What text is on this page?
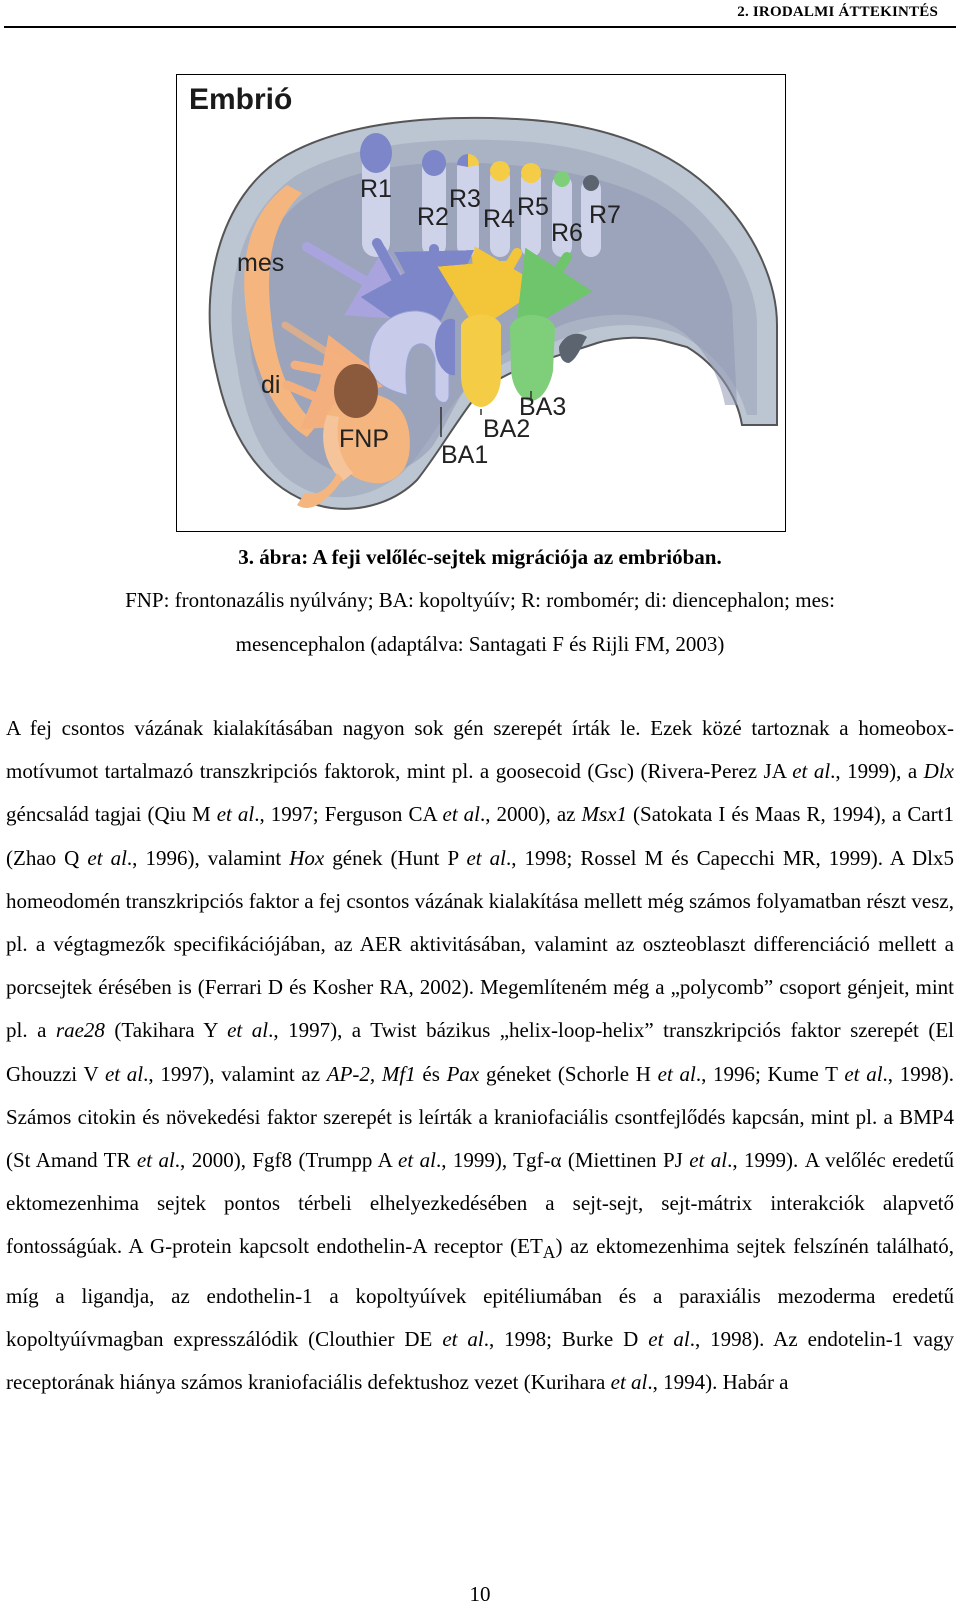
2. IRODALMI ÁTTEKINTÉS
Embrió
mes
di
FNP
R1
R2
R3
R4 R5
R6
R7
BA3
BA2
BA1
3. ábra: A feji velőléc-sejtek migrációja az embrióban.
FNP: frontonazális nyúlvány; BA: kopoltyúív; R: rombomér; di: diencephalon; mes:
mesencephalon (adaptálva: Santagati F és Rijli FM, 2003)

A fej csontos vázának kialakításában nagyon sok gén szerepét írták le. Ezek közé tartoznak a homeobox-motívumot tartalmazó transzkripciós faktorok, mint pl. a goosecoid (Gsc) (Rivera-Perez JA et al., 1999), a Dlx géncsalád tagjai (Qiu M et al., 1997; Ferguson CA et al., 2000), az Msx1 (Satokata I és Maas R, 1994), a Cart1 (Zhao Q et al., 1996), valamint Hox gének (Hunt P et al., 1998; Rossel M és Capecchi MR, 1999). A Dlx5 homeodomén transzkripciós faktor a fej csontos vázának kialakítása mellett még számos folyamatban részt vesz, pl. a végtagmezők specifikációjában, az AER aktivitásában, valamint az oszteoblaszt differenciáció mellett a porcsejtek érésében is (Ferrari D és Kosher RA, 2002). Megemlíteném még a „polycomb” csoport génjeit, mint pl. a rae28 (Takihara Y et al., 1997), a Twist bázikus „helix-loop-helix” transzkripciós faktor szerepét (El Ghouzzi V et al., 1997), valamint az AP-2, Mf1 és Pax géneket (Schorle H et al., 1996; Kume T et al., 1998). Számos citokin és növekedési faktor szerepét is leírták a kraniofaciális csontfejlődés kapcsán, mint pl. a BMP4 (St Amand TR et al., 2000), Fgf8 (Trumpp A et al., 1999), Tgf-α (Miettinen PJ et al., 1999). A velőléc eredetű ektomezenhima sejtek pontos térbeli elhelyezkedésében a sejt-sejt, sejt-mátrix interakciók alapvető fontosságúak. A G-protein kapcsolt endothelin-A receptor $(ET_A)$ az ektomezenhima sejtek felszínén található, míg a ligandja, az endothelin-1 a kopoltyúívek epitéliumában és a paraxiális mezoderma eredetű kopoltyúívmagban expresszálódik (Clouthier DE et al., 1998; Burke D et al., 1998). Az endotelin-1 vagy receptorának hiánya számos kraniofaciális defektushoz vezet (Kurihara et al., 1994). Habár a

10
